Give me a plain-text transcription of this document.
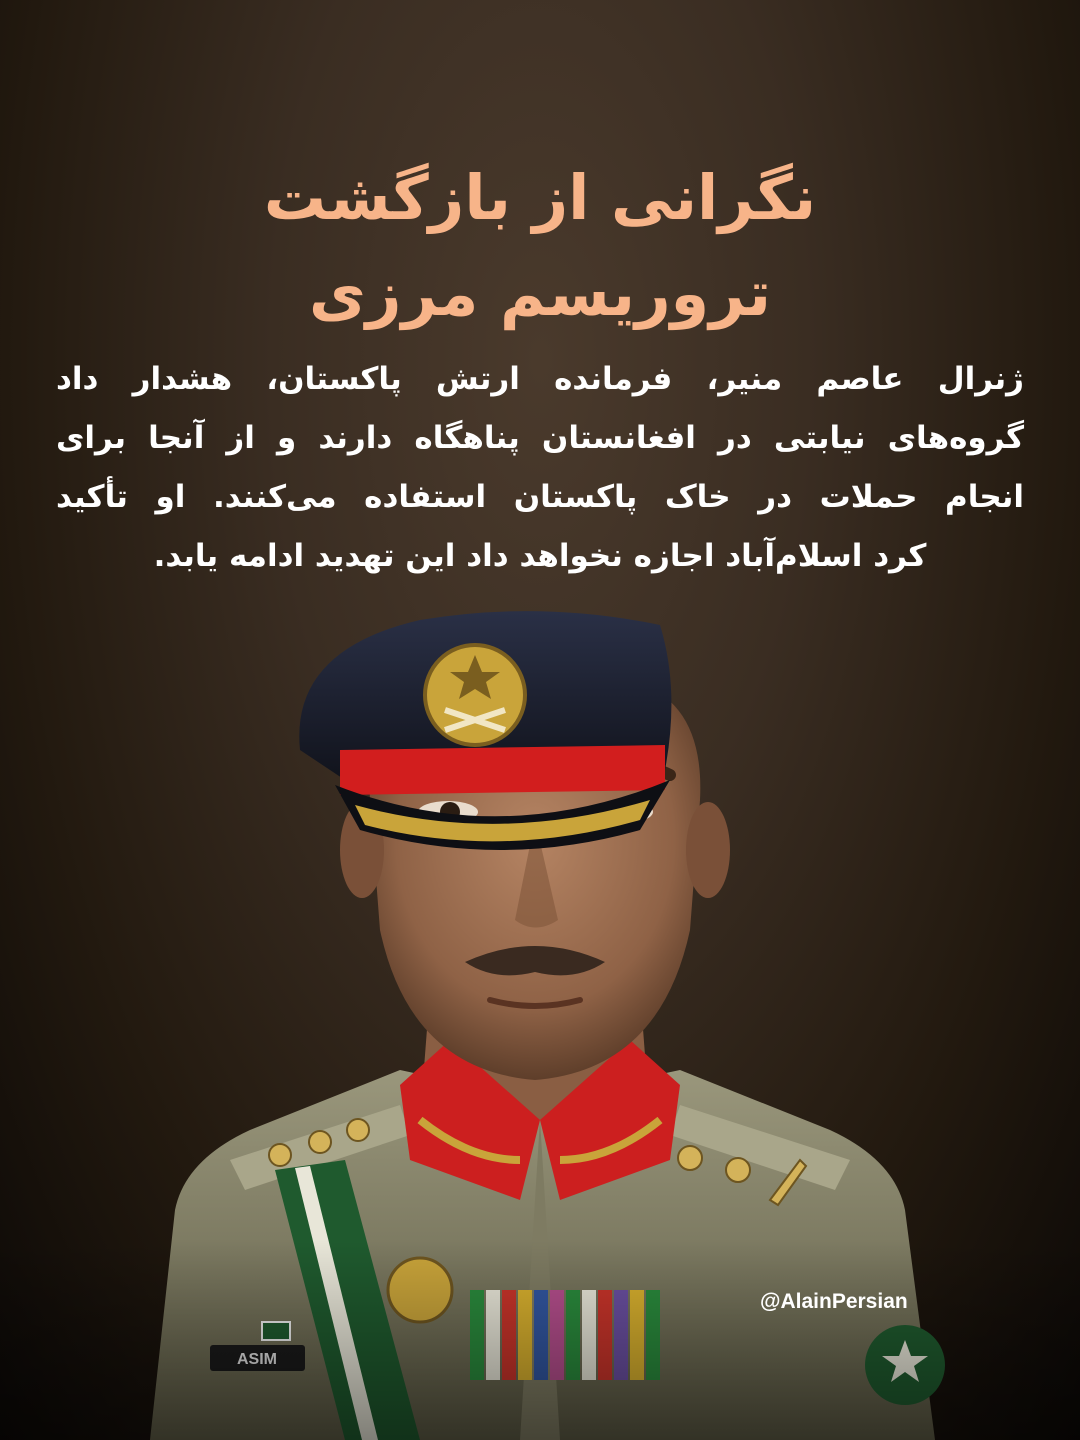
نگرانی از بازگشت
تروریسم مرزی
ژنرال عاصم منیر، فرمانده ارتش پاکستان، هشدار داد
گروه‌های نیابتی در افغانستان پناهگاه دارند و از آنجا برای
انجام حملات در خاک پاکستان استفاده می‌کنند. او تأکید
کرد اسلام‌آباد اجازه نخواهد داد این تهدید ادامه یابد.
@AlainPersian
